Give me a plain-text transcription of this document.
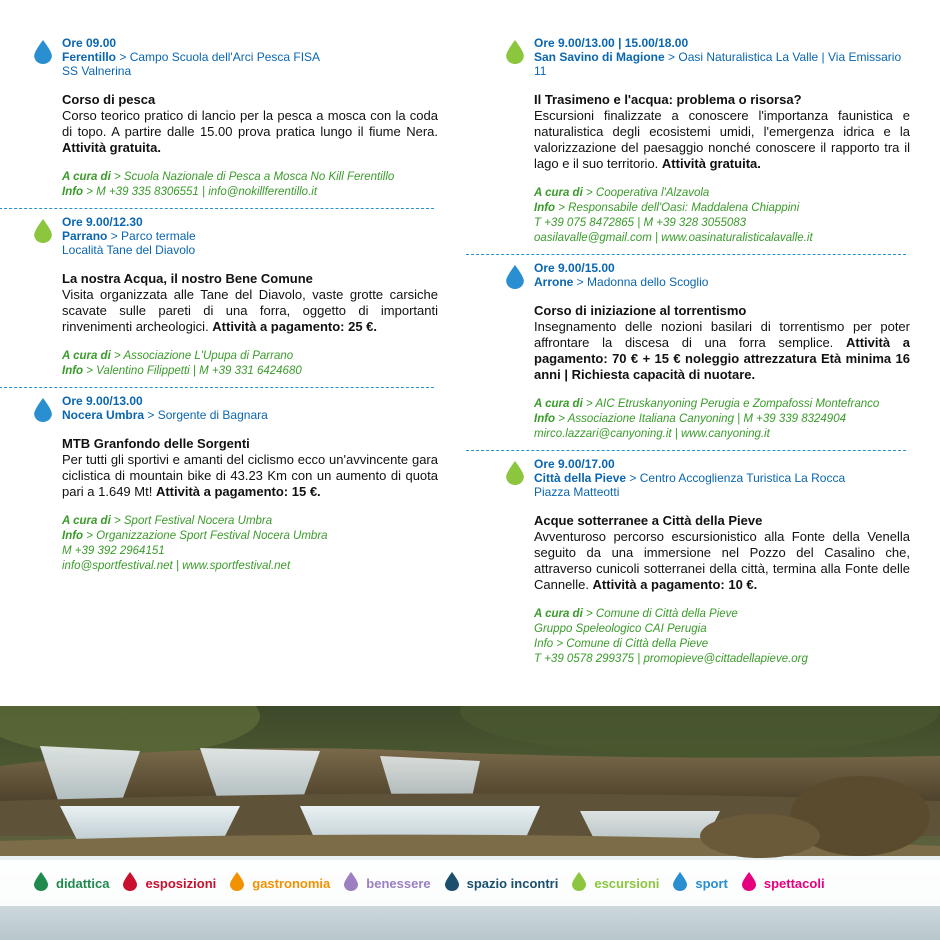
Ore 09.00
Ferentillo > Campo Scuola dell'Arci Pesca FISA
SS Valnerina
Corso di pesca
Corso teorico pratico di lancio per la pesca a mosca con la coda di topo. A partire dalle 15.00 prova pratica lungo il fiume Nera. Attività gratuita.
A cura di > Scuola Nazionale di Pesca a Mosca No Kill Ferentillo
Info > M +39 335 8306551 | info@nokillferentillo.it
Ore 9.00/12.30
Parrano > Parco termale
Località Tane del Diavolo
La nostra Acqua, il nostro Bene Comune
Visita organizzata alle Tane del Diavolo, vaste grotte carsiche scavate sulle pareti di una forra, oggetto di importanti rinvenimenti archeologici. Attività a pagamento: 25 €.
A cura di > Associazione L'Upupa di Parrano
Info > Valentino Filippetti | M +39 331 6424680
Ore 9.00/13.00
Nocera Umbra > Sorgente di Bagnara
MTB Granfondo delle Sorgenti
Per tutti gli sportivi e amanti del ciclismo ecco un'avvincente gara ciclistica di mountain bike di 43.23 Km con un aumento di quota pari a 1.649 Mt! Attività a pagamento: 15 €.
A cura di > Sport Festival Nocera Umbra
Info > Organizzazione Sport Festival Nocera Umbra
M +39 392 2964151
info@sportfestival.net | www.sportfestival.net
Ore 9.00/13.00 | 15.00/18.00
San Savino di Magione > Oasi Naturalistica La Valle | Via Emissario 11
Il Trasimeno e l'acqua: problema o risorsa?
Escursioni finalizzate a conoscere l'importanza faunistica e naturalistica degli ecosistemi umidi, l'emergenza idrica e la valorizzazione del paesaggio nonché conoscere il rapporto tra il lago e il suo territorio. Attività gratuita.
A cura di > Cooperativa l'Alzavola
Info > Responsabile dell'Oasi: Maddalena Chiappini
T +39 075 8472865 | M +39 328 3055083
oasilavalle@gmail.com | www.oasinaturalisticalavalle.it
Ore 9.00/15.00
Arrone > Madonna dello Scoglio
Corso di iniziazione al torrentismo
Insegnamento delle nozioni basilari di torrentismo per poter affrontare la discesa di una forra semplice. Attività a pagamento: 70 € + 15 € noleggio attrezzatura Età minima 16 anni | Richiesta capacità di nuotare.
A cura di > AIC Etruskanyoning Perugia e Zompafossi Montefranco
Info > Associazione Italiana Canyoning | M +39 339 8324904
mirco.lazzari@canyoning.it | www.canyoning.it
Ore 9.00/17.00
Città della Pieve > Centro Accoglienza Turistica La Rocca
Piazza Matteotti
Acque sotterranee a Città della Pieve
Avventuroso percorso escursionistico alla Fonte della Venella seguito da una immersione nel Pozzo del Casalino che, attraverso cunicoli sotterranei della città, termina alla Fonte delle Cannelle. Attività a pagamento: 10 €.
A cura di > Comune di Città della Pieve
Gruppo Speleologico CAI Perugia
Info > Comune di Città della Pieve
T +39 0578 299375 | promopieve@cittadellapieve.org
didattica	esposizioni	gastronomia	benessere	spazio incontri	escursioni	sport	spettacoli
